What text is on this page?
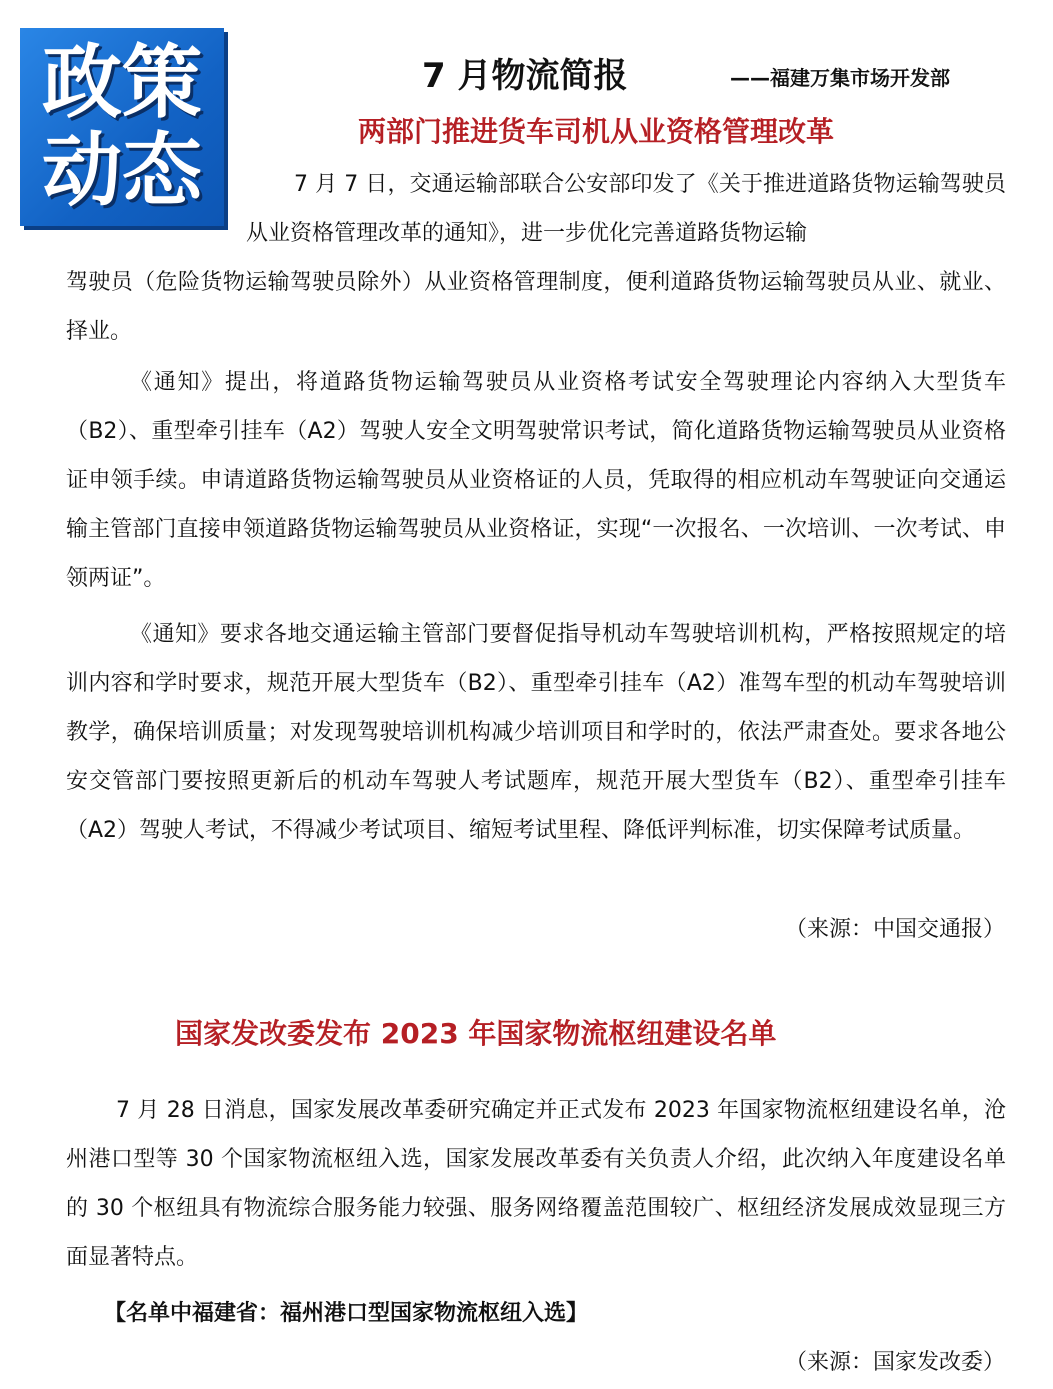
政策
动态
7 月物流简报	——福建万集市场开发部
两部门推进货车司机从业资格管理改革

7 月 7 日，交通运输部联合公安部印发了《关于推进道路货物运输驾驶员从业资格管理改革的通知》，进一步优化完善道路货物运输

驾驶员（危险货物运输驾驶员除外）从业资格管理制度，便利道路货物运输驾驶员从业、就业、择业。

《通知》提出，将道路货物运输驾驶员从业资格考试安全驾驶理论内容纳入大型货车（B2）、重型牵引挂车（A2）驾驶人安全文明驾驶常识考试，简化道路货物运输驾驶员从业资格证申领手续。申请道路货物运输驾驶员从业资格证的人员，凭取得的相应机动车驾驶证向交通运输主管部门直接申领道路货物运输驾驶员从业资格证，实现“一次报名、一次培训、一次考试、申领两证”。

《通知》要求各地交通运输主管部门要督促指导机动车驾驶培训机构，严格按照规定的培训内容和学时要求，规范开展大型货车（B2）、重型牵引挂车（A2）准驾车型的机动车驾驶培训教学，确保培训质量；对发现驾驶培训机构减少培训项目和学时的，依法严肃查处。要求各地公安交管部门要按照更新后的机动车驾驶人考试题库，规范开展大型货车（B2）、重型牵引挂车（A2）驾驶人考试，不得减少考试项目、缩短考试里程、降低评判标准，切实保障考试质量。

（来源：中国交通报）
国家发改委发布 2023 年国家物流枢纽建设名单

7 月 28 日消息，国家发展改革委研究确定并正式发布 2023 年国家物流枢纽建设名单，沧州港口型等 30 个国家物流枢纽入选，国家发展改革委有关负责人介绍，此次纳入年度建设名单的 30 个枢纽具有物流综合服务能力较强、服务网络覆盖范围较广、枢纽经济发展成效显现三方面显著特点。

【名单中福建省：福州港口型国家物流枢纽入选】
（来源：国家发改委）
